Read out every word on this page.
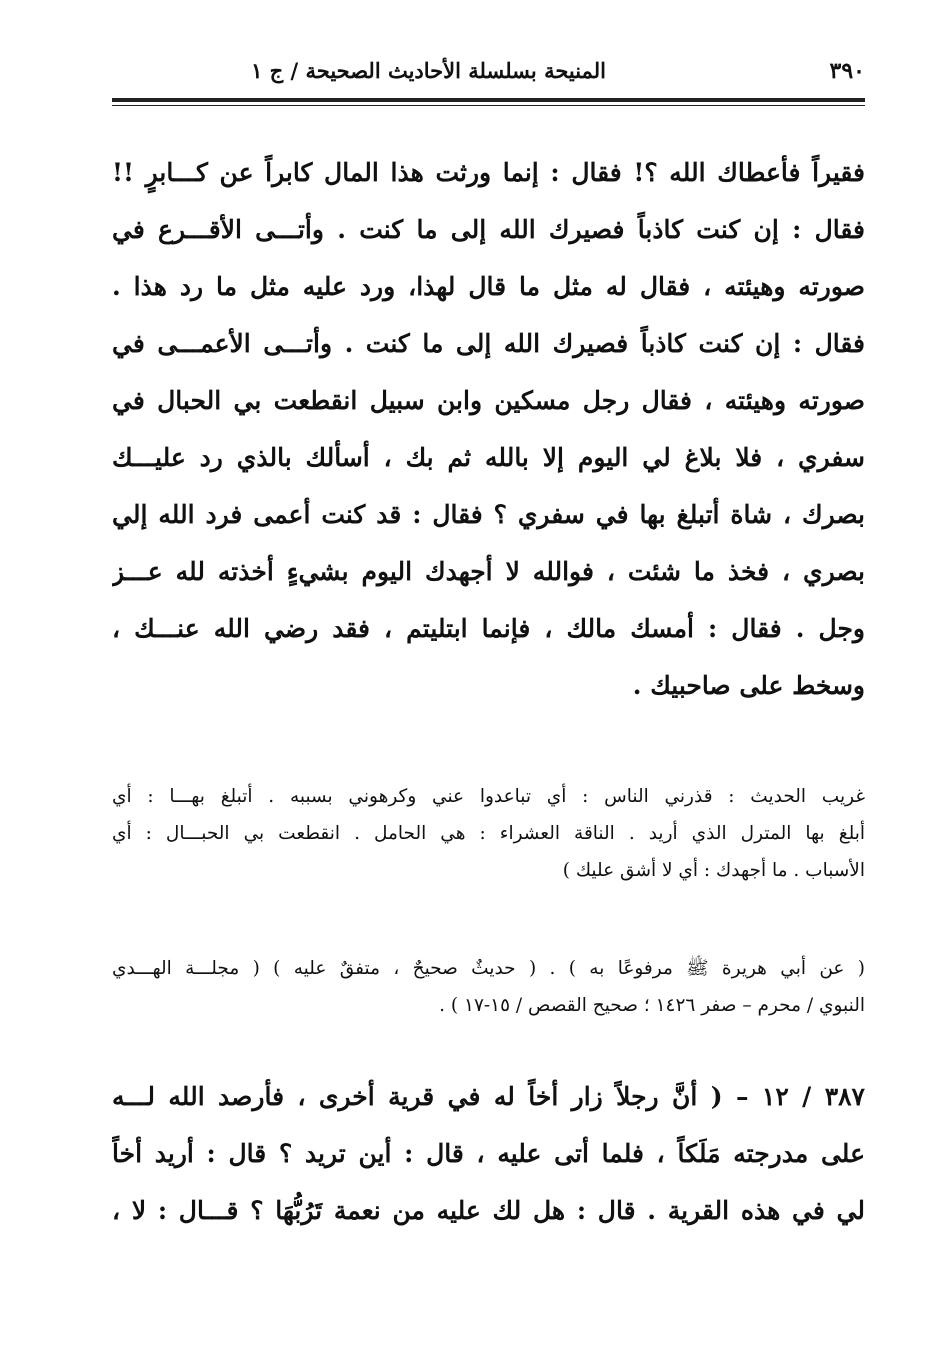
٣٩٠
المنيحة بسلسلة الأحاديث الصحيحة / ج ١
فقيراً فأعطاك الله ؟! فقال : إنما ورثت هذا المال كابراً عن كـــابرٍ !!
فقال : إن كنت كاذباً فصيرك الله إلى ما كنت . وأتـــى الأقـــرع في
صورته وهيئته ، فقال له مثل ما قال لهذا، ورد عليه مثل ما رد هذا .
فقال : إن كنت كاذباً فصيرك الله إلى ما كنت . وأتـــى الأعمـــى في
صورته وهيئته ، فقال رجل مسكين وابن سبيل انقطعت بي الحبال في
سفري ، فلا بلاغ لي اليوم إلا بالله ثم بك ، أسألك بالذي رد عليـــك
بصرك ، شاة أتبلغ بها في سفري ؟ فقال : قد كنت أعمى فرد الله إلي
بصري ، فخذ ما شئت ، فوالله لا أجهدك اليوم بشيءٍ أخذته لله عـــز
وجل . فقال : أمسك مالك ، فإنما ابتليتم ، فقد رضي الله عنـــك ،
وسخط على صاحبيك .
غريب الحديث : قذرني الناس : أي تباعدوا عني وكرهوني بسببه . أتبلغ بهـــا : أي
أبلغ بها المترل الذي أريد . الناقة العشراء : هي الحامل . انقطعت بي الحبـــال : أي
الأسباب . ما أجهدك : أي لا أشق عليك )
( عن أبي هريرة ﷺ مرفوعًا به ) . ( حديثٌ صحيحٌ ، متفقٌ عليه ) ( مجلـــة الهـــدي
النبوي / محرم – صفر ١٤٢٦ ؛ صحيح القصص / ١٥-١٧ ) .
٣٨٧ / ١٢ – ( أنَّ رجلاً زار أخاً له في قرية أخرى ، فأرصد الله لـــه
على مدرجته مَلَكاً ، فلما أتى عليه ، قال : أين تريد ؟ قال : أريد أخاً
لي في هذه القرية . قال : هل لك عليه من نعمة تَرُبُّهَا ؟ قـــال : لا ،
